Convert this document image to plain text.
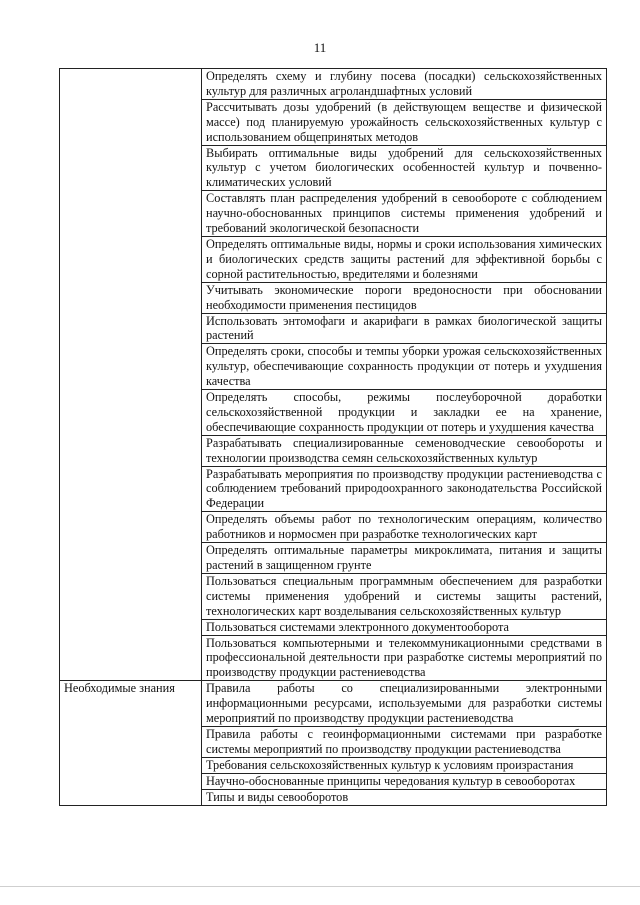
11
	Определять схему и глубину посева (посадки) сельскохозяйственных культур для различных агроландшафтных условий
	Рассчитывать дозы удобрений (в действующем веществе и физической массе) под планируемую урожайность сельскохозяйственных культур с использованием общепринятых методов
	Выбирать оптимальные виды удобрений для сельскохозяйственных культур с учетом биологических особенностей культур и почвенно-климатических условий
	Составлять план распределения удобрений в севообороте с соблюдением научно-обоснованных принципов системы применения удобрений и требований экологической безопасности
	Определять оптимальные виды, нормы и сроки использования химических и биологических средств защиты растений для эффективной борьбы с сорной растительностью, вредителями и болезнями
	Учитывать экономические пороги вредоносности при обосновании необходимости применения пестицидов
	Использовать энтомофаги и акарифаги в рамках биологической защиты растений
	Определять сроки, способы и темпы уборки урожая сельскохозяйственных культур, обеспечивающие сохранность продукции от потерь и ухудшения качества
	Определять способы, режимы послеуборочной доработки сельскохозяйственной продукции и закладки ее на хранение, обеспечивающие сохранность продукции от потерь и ухудшения качества
	Разрабатывать специализированные семеноводческие севообороты и технологии производства семян сельскохозяйственных культур
	Разрабатывать мероприятия по производству продукции растениеводства с соблюдением требований природоохранного законодательства Российской Федерации
	Определять объемы работ по технологическим операциям, количество работников и нормосмен при разработке технологических карт
	Определять оптимальные параметры микроклимата, питания и защиты растений в защищенном грунте
	Пользоваться специальным программным обеспечением для разработки системы применения удобрений и системы защиты растений, технологических карт возделывания сельскохозяйственных культур
	Пользоваться системами электронного документооборота
	Пользоваться компьютерными и телекоммуникационными средствами в профессиональной деятельности при разработке системы мероприятий по производству продукции растениеводства
Необходимые знания	Правила работы со специализированными электронными информационными ресурсами, используемыми для разработки системы мероприятий по производству продукции растениеводства
	Правила работы с геоинформационными системами при разработке системы мероприятий по производству продукции растениеводства
	Требования сельскохозяйственных культур к условиям произрастания
	Научно-обоснованные принципы чередования культур в севооборотах
	Типы и виды севооборотов
